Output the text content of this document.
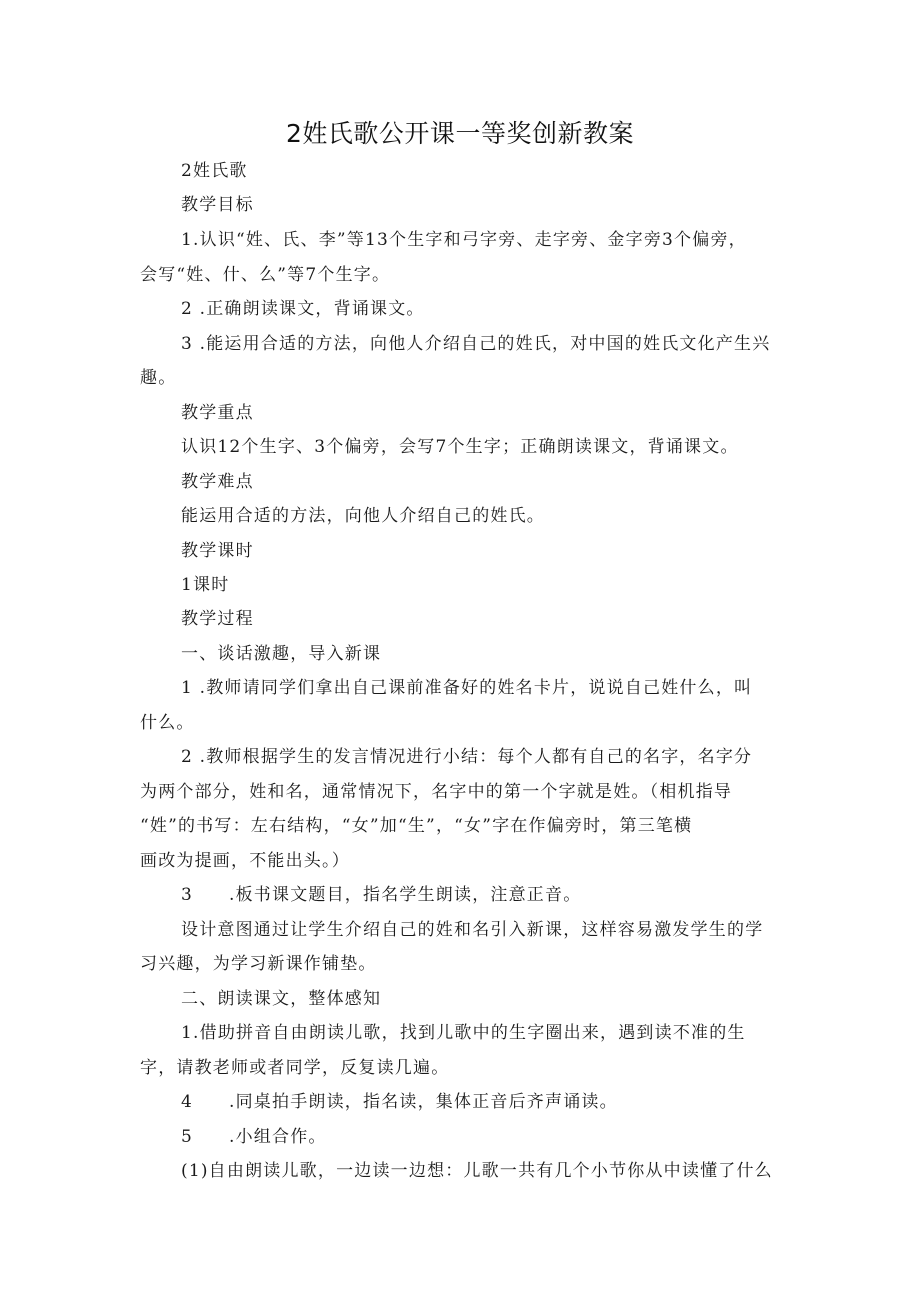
2姓氏歌公开课一等奖创新教案
2姓氏歌
教学目标
1.认识“姓、氏、李”等13个生字和弓字旁、走字旁、金字旁3个偏旁，
会写“姓、什、么”等7个生字。
2 .正确朗读课文，背诵课文。
3 .能运用合适的方法，向他人介绍自己的姓氏，对中国的姓氏文化产生兴
趣。
教学重点
认识12个生字、3个偏旁，会写7个生字；正确朗读课文，背诵课文。
教学难点
能运用合适的方法，向他人介绍自己的姓氏。
教学课时
1课时
教学过程
一、谈话激趣，导入新课
1 .教师请同学们拿出自己课前准备好的姓名卡片，说说自己姓什么，叫
什么。
2 .教师根据学生的发言情况进行小结：每个人都有自己的名字，名字分
为两个部分，姓和名，通常情况下，名字中的第一个字就是姓。（相机指导
“姓”的书写：左右结构，“女”加“生”，“女”字在作偏旁时，第三笔横
画改为提画，不能出头。）
3 .板书课文题目，指名学生朗读，注意正音。
设计意图通过让学生介绍自己的姓和名引入新课，这样容易激发学生的学
习兴趣，为学习新课作铺垫。
二、朗读课文，整体感知
1.借助拼音自由朗读儿歌，找到儿歌中的生字圈出来，遇到读不准的生
字，请教老师或者同学，反复读几遍。
4 .同桌拍手朗读，指名读，集体正音后齐声诵读。
5 .小组合作。
(1)自由朗读儿歌，一边读一边想：儿歌一共有几个小节你从中读懂了什么
